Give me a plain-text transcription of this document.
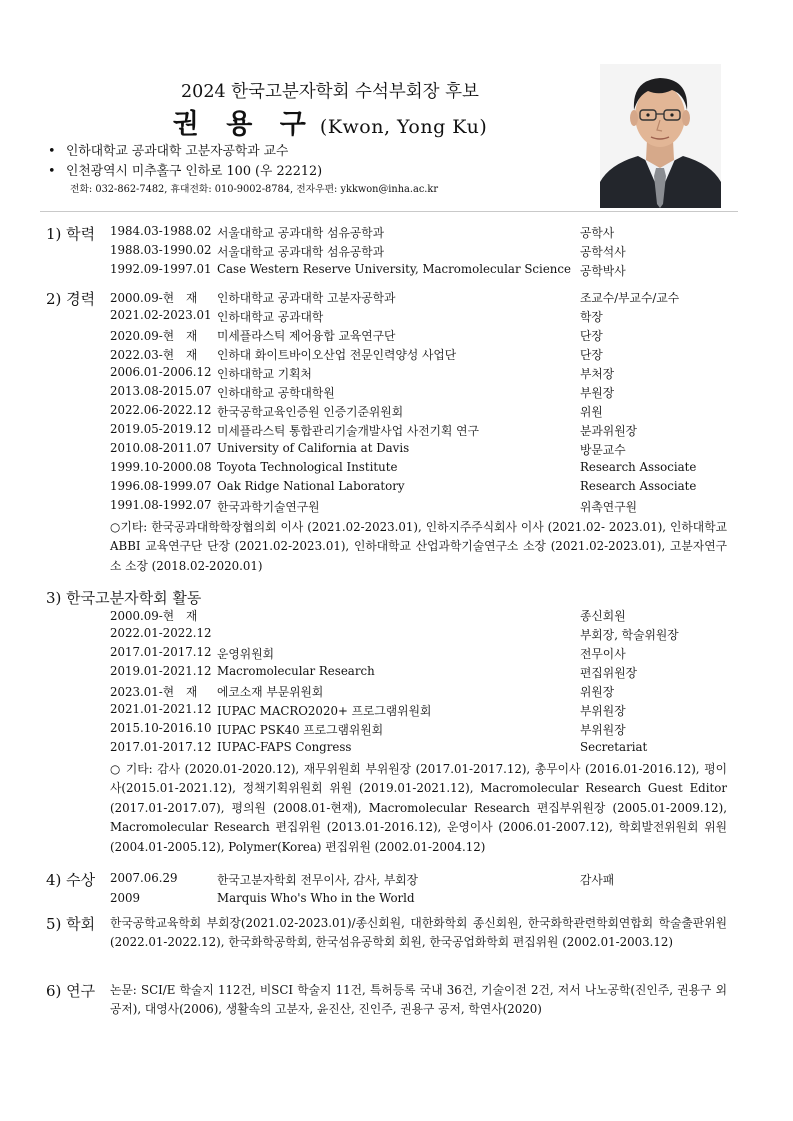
2024 한국고분자학회 수석부회장 후보
권 용 구 (Kwon, Yong Ku)
• 인하대학교 공과대학 고분자공학과 교수
• 인천광역시 미추홀구 인하로 100 (우 22212)
전화: 032-862-7482, 휴대전화: 010-9002-8784, 전자우편: ykkwon@inha.ac.kr
1) 학력 1984.03-1988.02 서울대학교 공과대학 섬유공학과	공학사
1988.03-1990.02 서울대학교 공과대학 섬유공학과	공학석사
1992.09-1997.01 Case Western Reserve University, Macromolecular Science 공학박사
2) 경력 2000.09-현　재 인하대학교 공과대학 고분자공학과	조교수/부교수/교수
2021.02-2023.01 인하대학교 공과대학	학장
2020.09-현　재 미세플라스틱 제어융합 교육연구단	단장
2022.03-현　재 인하대 화이트바이오산업 전문인력양성 사업단	단장
2006.01-2006.12 인하대학교 기획처	부처장
2013.08-2015.07 인하대학교 공학대학원	부원장
2022.06-2022.12 한국공학교육인증원 인증기준위원회	위원
2019.05-2019.12 미세플라스틱 통합관리기술개발사업 사전기획 연구	분과위원장
2010.08-2011.07 University of California at Davis	방문교수
1999.10-2000.08 Toyota Technological Institute	Research Associate
1996.08-1999.07 Oak Ridge National Laboratory	Research Associate
1991.08-1992.07 한국과학기술연구원	위촉연구원
○기타: 한국공과대학학장협의회 이사 (2021.02-2023.01), 인하지주주식회사 이사 (2021.02- 2023.01), 인하대학교 ABBI 교육연구단 단장 (2021.02-2023.01), 인하대학교 산업과학기술연구소 소장 (2021.02-2023.01), 고분자연구소 소장 (2018.02-2020.01)
3) 한국고분자학회 활동
2000.09-현　재	종신회원
2022.01-2022.12	부회장, 학술위원장
2017.01-2017.12 운영위원회	전무이사
2019.01-2021.12 Macromolecular Research	편집위원장
2023.01-현　재 에코소재 부문위원회	위원장
2021.01-2021.12 IUPAC MACRO2020+ 프로그램위원회	부위원장
2015.10-2016.10 IUPAC PSK40 프로그램위원회	부위원장
2017.01-2017.12 IUPAC-FAPS Congress	Secretariat
○ 기타: 감사 (2020.01-2020.12), 재무위원회 부위원장 (2017.01-2017.12), 총무이사 (2016.01-2016.12), 평이사(2015.01-2021.12), 정책기획위원회 위원 (2019.01-2021.12), Macromolecular Research Guest Editor (2017.01-2017.07), 평의원 (2008.01-현재), Macromolecular Research 편집부위원장 (2005.01-2009.12), Macromolecular Research 편집위원 (2013.01-2016.12), 운영이사 (2006.01-2007.12), 학회발전위원회 위원 (2004.01-2005.12), Polymer(Korea) 편집위원 (2002.01-2004.12)
4) 수상 2007.06.29	한국고분자학회 전무이사, 감사, 부회장	감사패
2009	Marquis Who's Who in the World
5) 학회 한국공학교육학회 부회장(2021.02-2023.01)/종신회원, 대한화학회 종신회원, 한국화학관련학회연합회 학술출판위원 (2022.01-2022.12), 한국화학공학회, 한국섬유공학회 회원, 한국공업화학회 편집위원 (2002.01-2003.12)
6) 연구 논문: SCI/E 학술지 112건, 비SCI 학술지 11건, 특허등록 국내 36건, 기술이전 2건, 저서 나노공학(진인주, 권용구 외 공저), 대영사(2006), 생활속의 고분자, 윤진산, 진인주, 권용구 공저, 학연사(2020)
